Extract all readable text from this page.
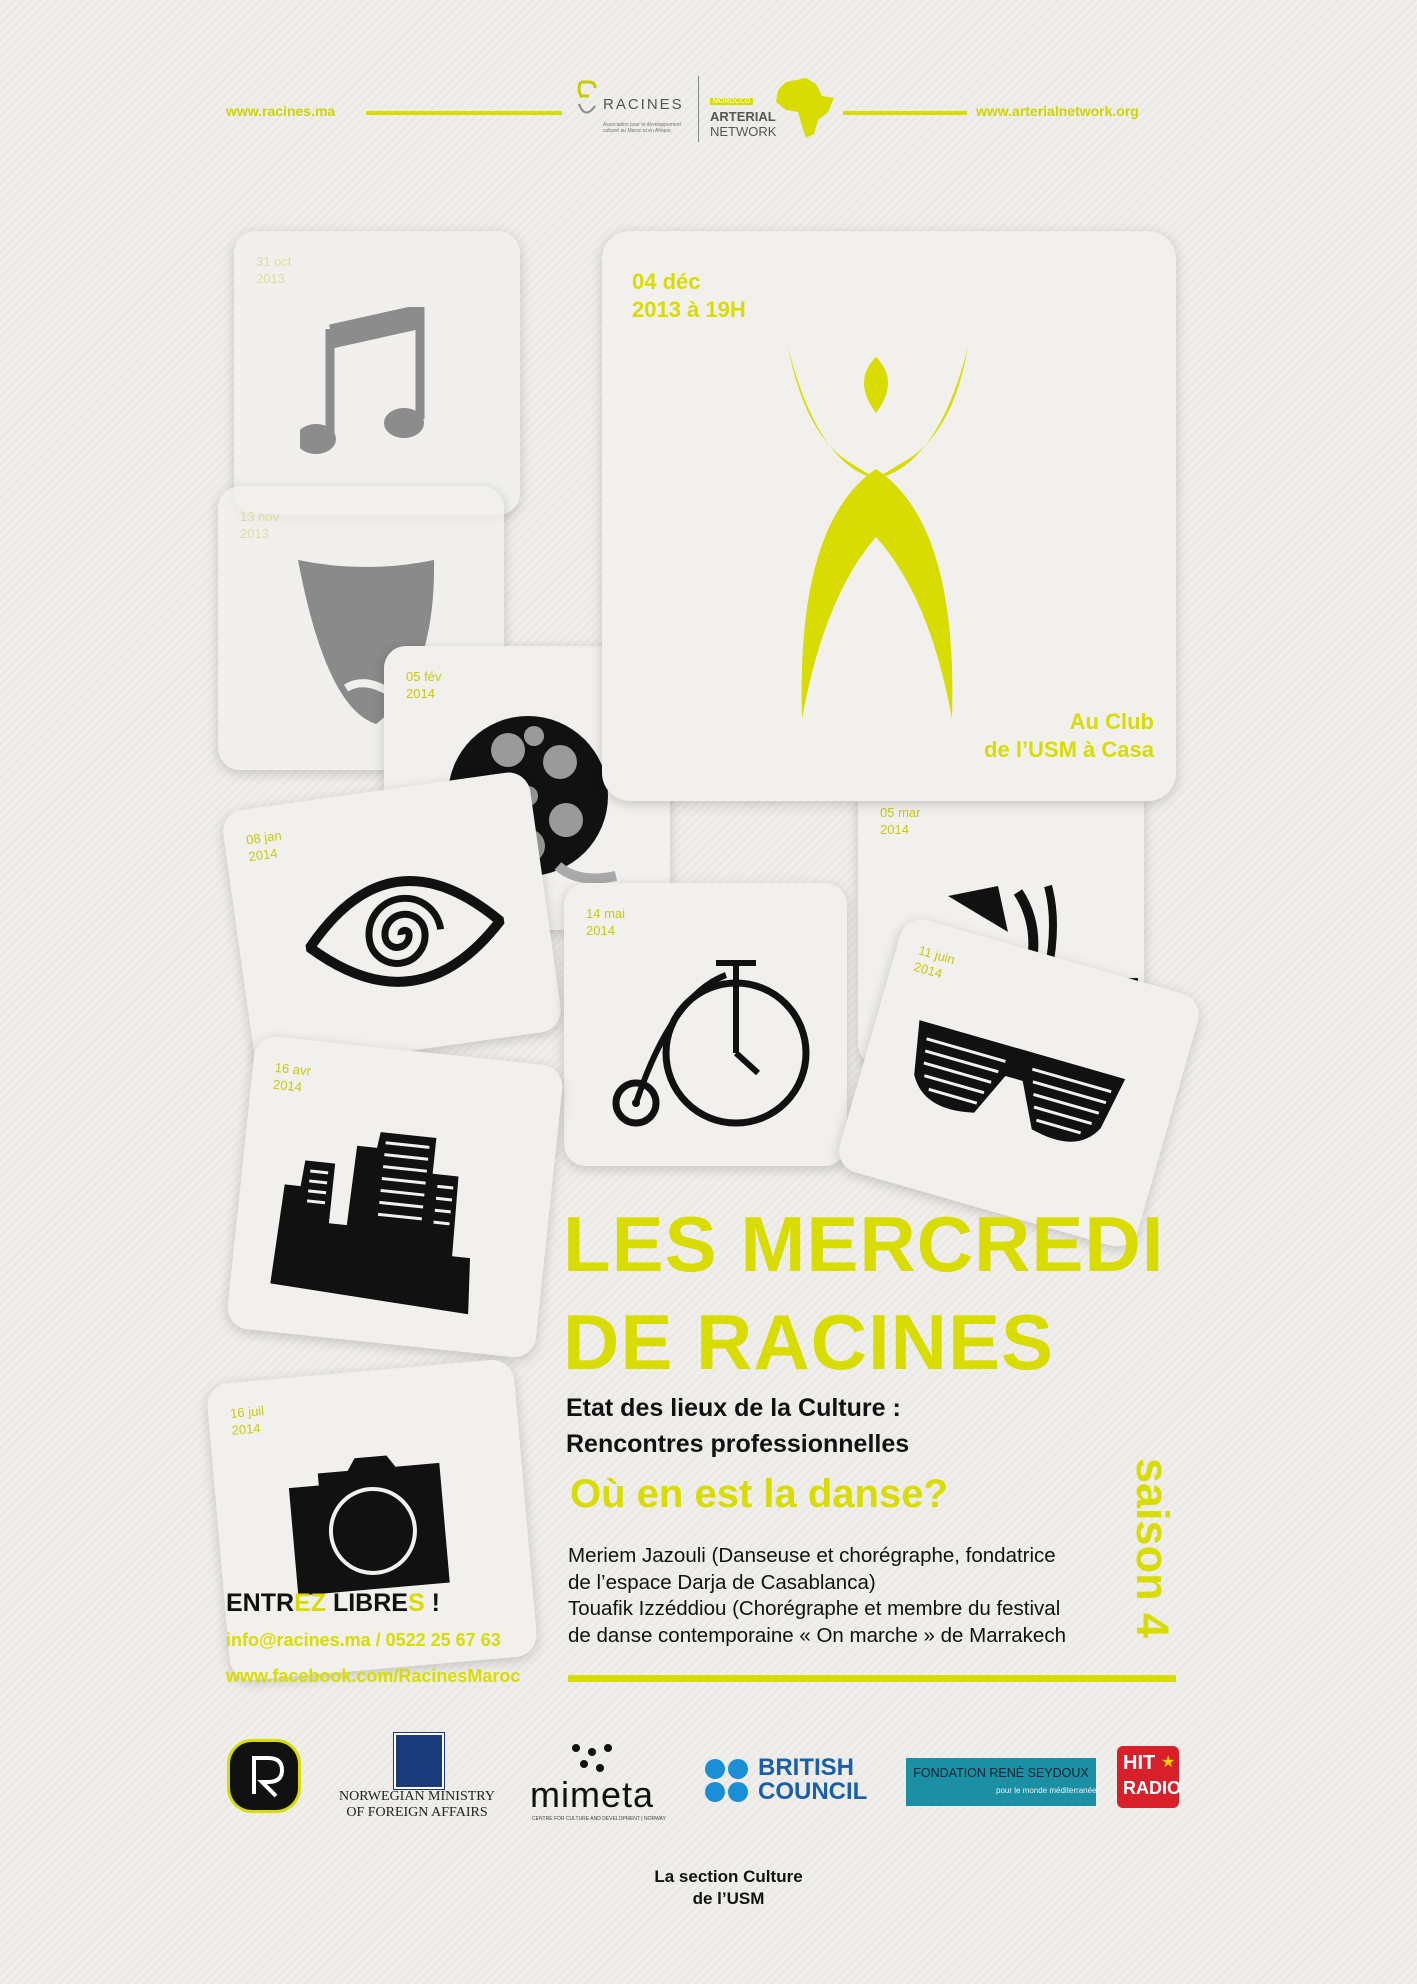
www.racines.ma	RACINES
Association pour le développement culturel au Maroc et en Afrique
MOROCCO
ARTERIAL
NETWORK
www.arterialnetwork.org
31 oct
2013
13 nov
2013
05 fév
2014
08 jan
2014
05 mar
2014
14 mai
2014
11 juin
2014
16 avr
2014
16 juil
2014
04 déc
2013 à 19H
Au Club
de l’USM à Casa
LES MERCREDI
DE RACINES
Etat des lieux de la Culture :
Rencontres professionnelles
Où en est la danse?
Meriem Jazouli (Danseuse et chorégraphe, fondatrice
de l’espace Darja de Casablanca)
Touafik Izzéddiou (Chorégraphe et membre du festival
de danse contemporaine « On marche » de Marrakech	saison 4
ENTREZ LIBRES !
info@racines.ma / 0522 25 67 63
www.facebook.com/RacinesMaroc
NORWEGIAN MINISTRY
OF FOREIGN AFFAIRS	mimeta
CENTRE FOR CULTURE AND DEVELOPMENT | NORWAY
BRITISH
COUNCIL
FONDATION RENÉ SEYDOUX
pour le monde méditerranéen
HIT ★
RADIO
La section Culture
de l’USM
